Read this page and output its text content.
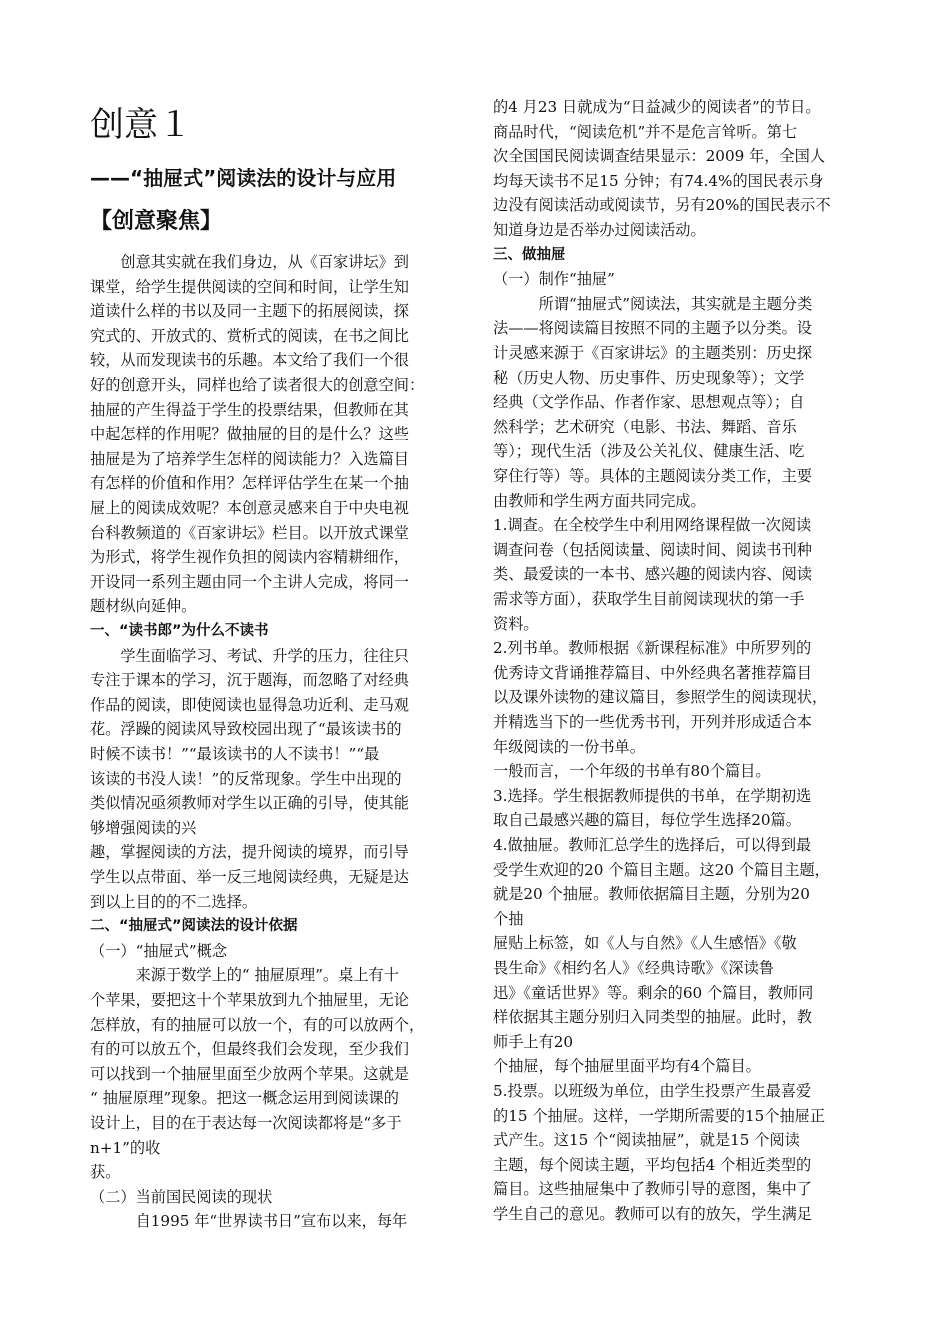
创意１
——“抽屉式”阅读法的设计与应用
【创意聚焦】
　　创意其实就在我们身边，从《百家讲坛》到
课堂，给学生提供阅读的空间和时间，让学生知
道读什么样的书以及同一主题下的拓展阅读，探
究式的、开放式的、赏析式的阅读，在书之间比
较，从而发现读书的乐趣。本文给了我们一个很
好的创意开头，同样也给了读者很大的创意空间：
抽屉的产生得益于学生的投票结果，但教师在其
中起怎样的作用呢？做抽屉的目的是什么？这些
抽屉是为了培养学生怎样的阅读能力？入选篇目
有怎样的价值和作用？怎样评估学生在某一个抽
屉上的阅读成效呢？本创意灵感来自于中央电视
台科教频道的《百家讲坛》栏目。以开放式课堂
为形式，将学生视作负担的阅读内容精耕细作，
开设同一系列主题由同一个主讲人完成，将同一
题材纵向延伸。
一、“读书郎”为什么不读书
　　学生面临学习、考试、升学的压力，往往只
专注于课本的学习，沉于题海，而忽略了对经典
作品的阅读，即使阅读也显得急功近利、走马观
花。浮躁的阅读风导致校园出现了“最该读书的
时候不读书！”“最该读书的人不读书！”“最
该读的书没人读！”的反常现象。学生中出现的
类似情况亟须教师对学生以正确的引导，使其能
够增强阅读的兴
趣，掌握阅读的方法，提升阅读的境界，而引导
学生以点带面、举一反三地阅读经典，无疑是达
到以上目的的不二选择。
二、“抽屉式”阅读法的设计依据
（一）“抽屉式”概念
　　　来源于数学上的“ 抽屉原理”。桌上有十
个苹果，要把这十个苹果放到九个抽屉里，无论
怎样放，有的抽屉可以放一个，有的可以放两个，
有的可以放五个，但最终我们会发现，至少我们
可以找到一个抽屉里面至少放两个苹果。这就是
“ 抽屉原理”现象。把这一概念运用到阅读课的
设计上，目的在于表达每一次阅读都将是“多于
n+1”的收
获。
（二）当前国民阅读的现状
　　　自1995 年“世界读书日”宣布以来，每年
的4 月23 日就成为“日益减少的阅读者”的节日。
商品时代，“阅读危机”并不是危言耸听。第七
次全国国民阅读调查结果显示：2009 年，全国人
均每天读书不足15 分钟；有74.4%的国民表示身
边没有阅读活动或阅读节，另有20%的国民表示不
知道身边是否举办过阅读活动。
三、做抽屉
（一）制作“抽屉”
　　　所谓“抽屉式”阅读法，其实就是主题分类
法——将阅读篇目按照不同的主题予以分类。设
计灵感来源于《百家讲坛》的主题类别：历史探
秘（历史人物、历史事件、历史现象等）；文学
经典（文学作品、作者作家、思想观点等）；自
然科学；艺术研究（电影、书法、舞蹈、音乐
等）；现代生活（涉及公关礼仪、健康生活、吃
穿住行等）等。具体的主题阅读分类工作，主要
由教师和学生两方面共同完成。
1.调查。在全校学生中利用网络课程做一次阅读
调查问卷（包括阅读量、阅读时间、阅读书刊种
类、最爱读的一本书、感兴趣的阅读内容、阅读
需求等方面），获取学生目前阅读现状的第一手
资料。
2.列书单。教师根据《新课程标准》中所罗列的
优秀诗文背诵推荐篇目、中外经典名著推荐篇目
以及课外读物的建议篇目，参照学生的阅读现状，
并精选当下的一些优秀书刊，开列并形成适合本
年级阅读的一份书单。
一般而言，一个年级的书单有80个篇目。
3.选择。学生根据教师提供的书单，在学期初选
取自己最感兴趣的篇目，每位学生选择20篇。
4.做抽屉。教师汇总学生的选择后，可以得到最
受学生欢迎的20 个篇目主题。这20 个篇目主题，
就是20 个抽屉。教师依据篇目主题，分别为20
个抽
屉贴上标签，如《人与自然》《人生感悟》《敬
畏生命》《相约名人》《经典诗歌》《深读鲁
迅》《童话世界》等。剩余的60 个篇目，教师同
样依据其主题分别归入同类型的抽屉。此时，教
师手上有20
个抽屉，每个抽屉里面平均有4个篇目。
5.投票。以班级为单位，由学生投票产生最喜爱
的15 个抽屉。这样，一学期所需要的15个抽屉正
式产生。这15 个“阅读抽屉”，就是15 个阅读
主题，每个阅读主题，平均包括4 个相近类型的
篇目。这些抽屉集中了教师引导的意图，集中了
学生自己的意见。教师可以有的放矢，学生满足
